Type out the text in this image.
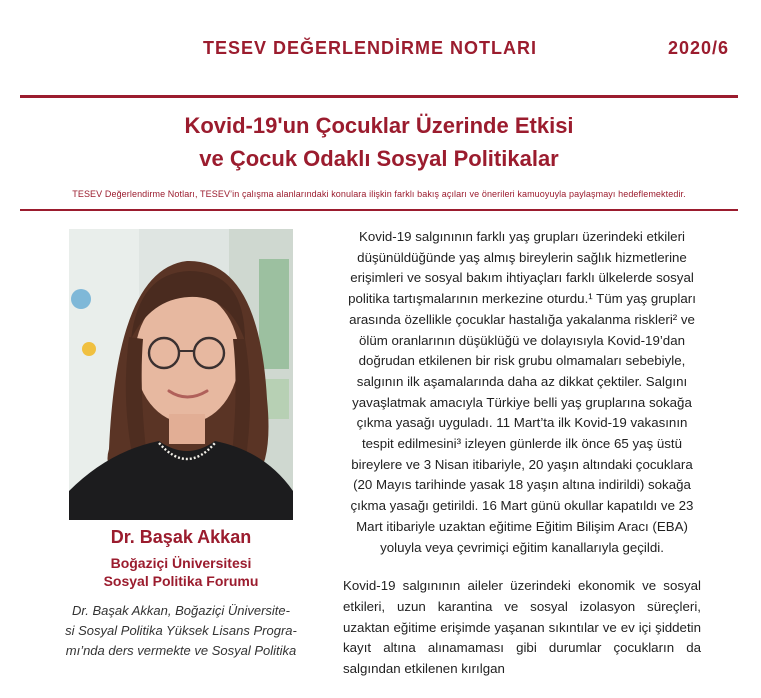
TESEV DEĞERLENDİRME NOTLARI	2020/6
Kovid-19'un Çocuklar Üzerinde Etkisi
ve Çocuk Odaklı Sosyal Politikalar
TESEV Değerlendirme Notları, TESEV’in çalışma alanlarındaki konulara ilişkin farklı bakış açıları ve önerileri kamuoyuyla paylaşmayı hedeflemektedir.
Dr. Başak Akkan
Boğaziçi Üniversitesi
Sosyal Politika Forumu
Dr. Başak Akkan, Boğaziçi Üniversite-
si Sosyal Politika Yüksek Lisans Progra-
mı’nda ders vermekte ve Sosyal Politika

Kovid-19 salgınının farklı yaş grupları üzerindeki etkileri düşünüldüğünde yaş almış bireylerin sağlık hizmetlerine erişimleri ve sosyal bakım ihtiyaçları farklı ülkelerde sosyal politika tartışmalarının merkezine oturdu.¹ Tüm yaş grupları arasında özellikle çocuklar hastalığa yakalanma riskleri² ve ölüm oranlarının düşüklüğü ve dolayısıyla Kovid-19’dan doğrudan etkilenen bir risk grubu olmamaları sebebiyle, salgının ilk aşamalarında daha az dikkat çektiler. Salgını yavaşlatmak amacıyla Türkiye belli yaş gruplarına sokağa çıkma yasağı uyguladı. 11 Mart’ta ilk Kovid-19 vakasının tespit edilmesini³ izleyen günlerde ilk önce 65 yaş üstü bireylere ve 3 Nisan itibariyle, 20 yaşın altındaki çocuklara (20 Mayıs tarihinde yasak 18 yaşın altına indirildi) sokağa çıkma yasağı getirildi. 16 Mart günü okullar kapatıldı ve 23 Mart itibariyle uzaktan eğitime Eğitim Bilişim Aracı (EBA) yoluyla veya çevrimiçi eğitim kanallarıyla geçildi.

Kovid-19 salgınının aileler üzerindeki ekonomik ve sosyal etkileri, uzun karantina ve sosyal izolasyon süreçleri, uzaktan eğitime erişimde yaşanan sıkıntılar ve ev içi şiddetin kayıt altına alınamaması gibi durumlar çocukların da salgından etkilenen kırılgan
